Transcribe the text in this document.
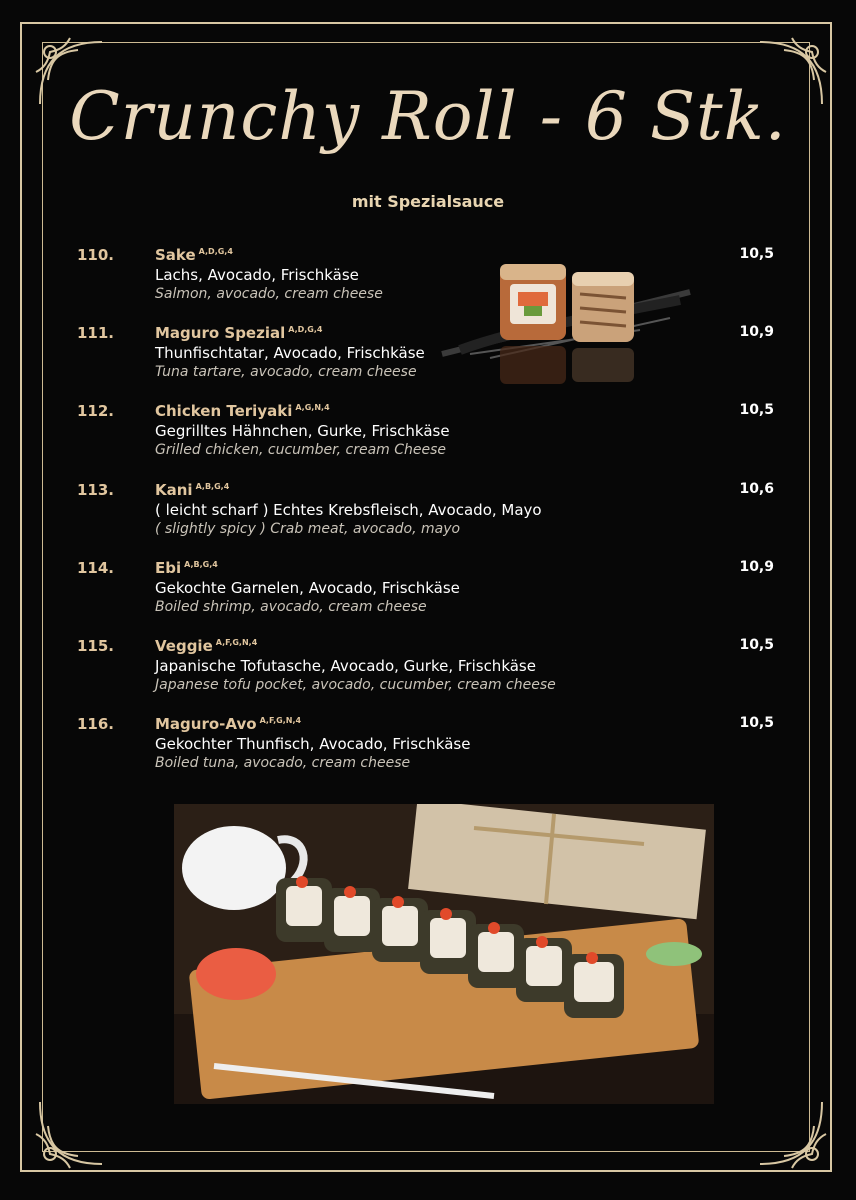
Crunchy Roll - 6 Stk.
mit Spezialsauce
110.	Sake $^{A,D,G,4}$
Lachs, Avocado, Frischkäse
Salmon, avocado, cream cheese
10,5
111.	Maguro Spezial $^{A,D,G,4}$
Thunfischtatar, Avocado, Frischkäse
Tuna tartare, avocado, cream cheese
10,9
112.	Chicken Teriyaki $^{A,G,N,4}$
Gegrilltes Hähnchen, Gurke, Frischkäse
Grilled chicken, cucumber, cream Cheese
10,5
113.	Kani $^{A,B,G,4}$
( leicht scharf ) Echtes Krebsfleisch, Avocado, Mayo
( slightly spicy ) Crab meat, avocado, mayo
10,6
114.	Ebi $^{A,B,G,4}$
Gekochte Garnelen, Avocado, Frischkäse
Boiled shrimp, avocado, cream cheese
10,9
115.	Veggie $^{A,F,G,N,4}$
Japanische Tofutasche, Avocado, Gurke, Frischkäse
Japanese tofu pocket, avocado, cucumber, cream cheese
10,5
116.	Maguro-Avo $^{A,F,G,N,4}$
Gekochter Thunfisch, Avocado, Frischkäse
Boiled tuna, avocado, cream cheese
10,5
